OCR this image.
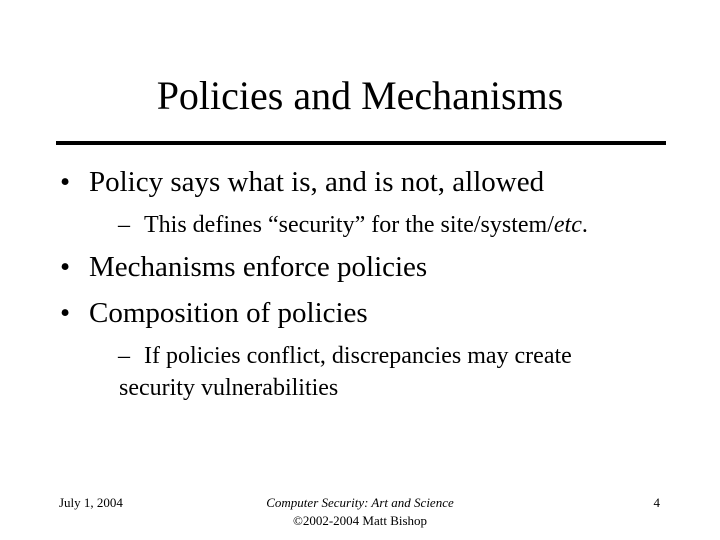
Policies and Mechanisms
• Policy says what is, and is not, allowed
– This defines “security” for the site/system/etc.
• Mechanisms enforce policies
• Composition of policies
– If policies conflict, discrepancies may create
security vulnerabilities
July 1, 2004	Computer Security: Art and Science
©2002-2004 Matt Bishop
4
